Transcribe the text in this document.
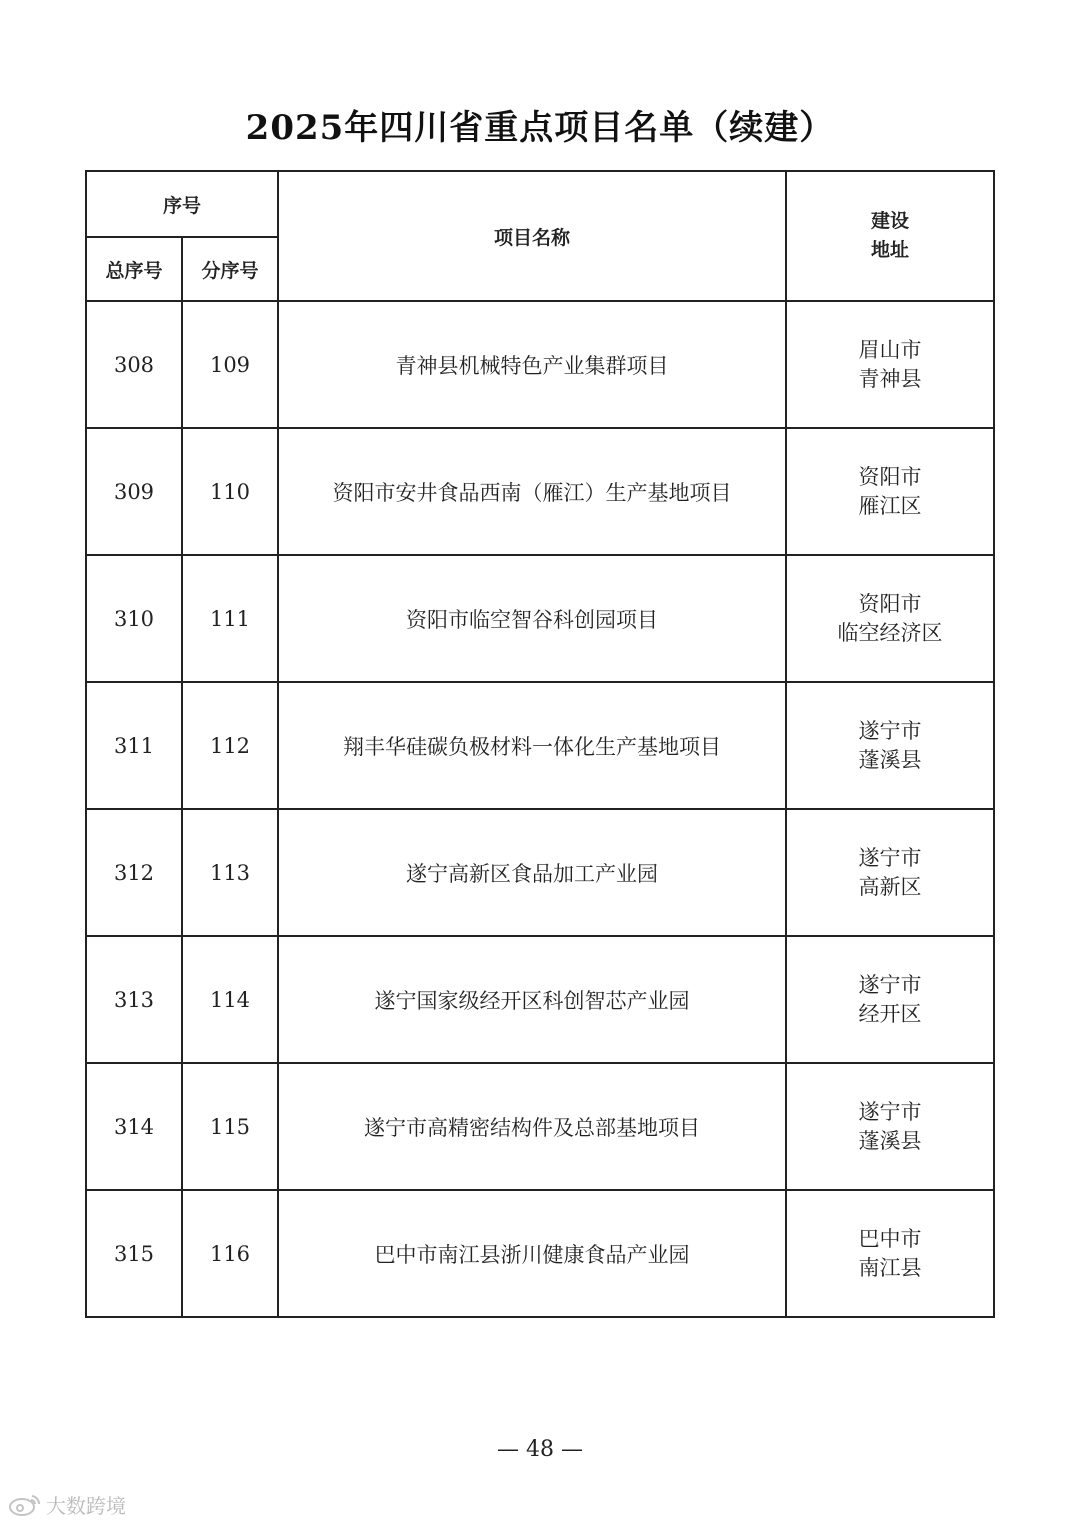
2025年四川省重点项目名单（续建）
序号		项目名称	建设
地址

总序号	分序号		
308	109	青神县机械特色产业集群项目	眉山市
青神县

309	110	资阳市安井食品西南（雁江）生产基地项目	资阳市
雁江区

310	111	资阳市临空智谷科创园项目	资阳市
临空经济区

311	112	翔丰华硅碳负极材料一体化生产基地项目	遂宁市
蓬溪县

312	113	遂宁高新区食品加工产业园	遂宁市
高新区

313	114	遂宁国家级经开区科创智芯产业园	遂宁市
经开区

314	115	遂宁市高精密结构件及总部基地项目	遂宁市
蓬溪县

315	116	巴中市南江县浙川健康食品产业园	巴中市
南江县
— 48 —
大数跨境
